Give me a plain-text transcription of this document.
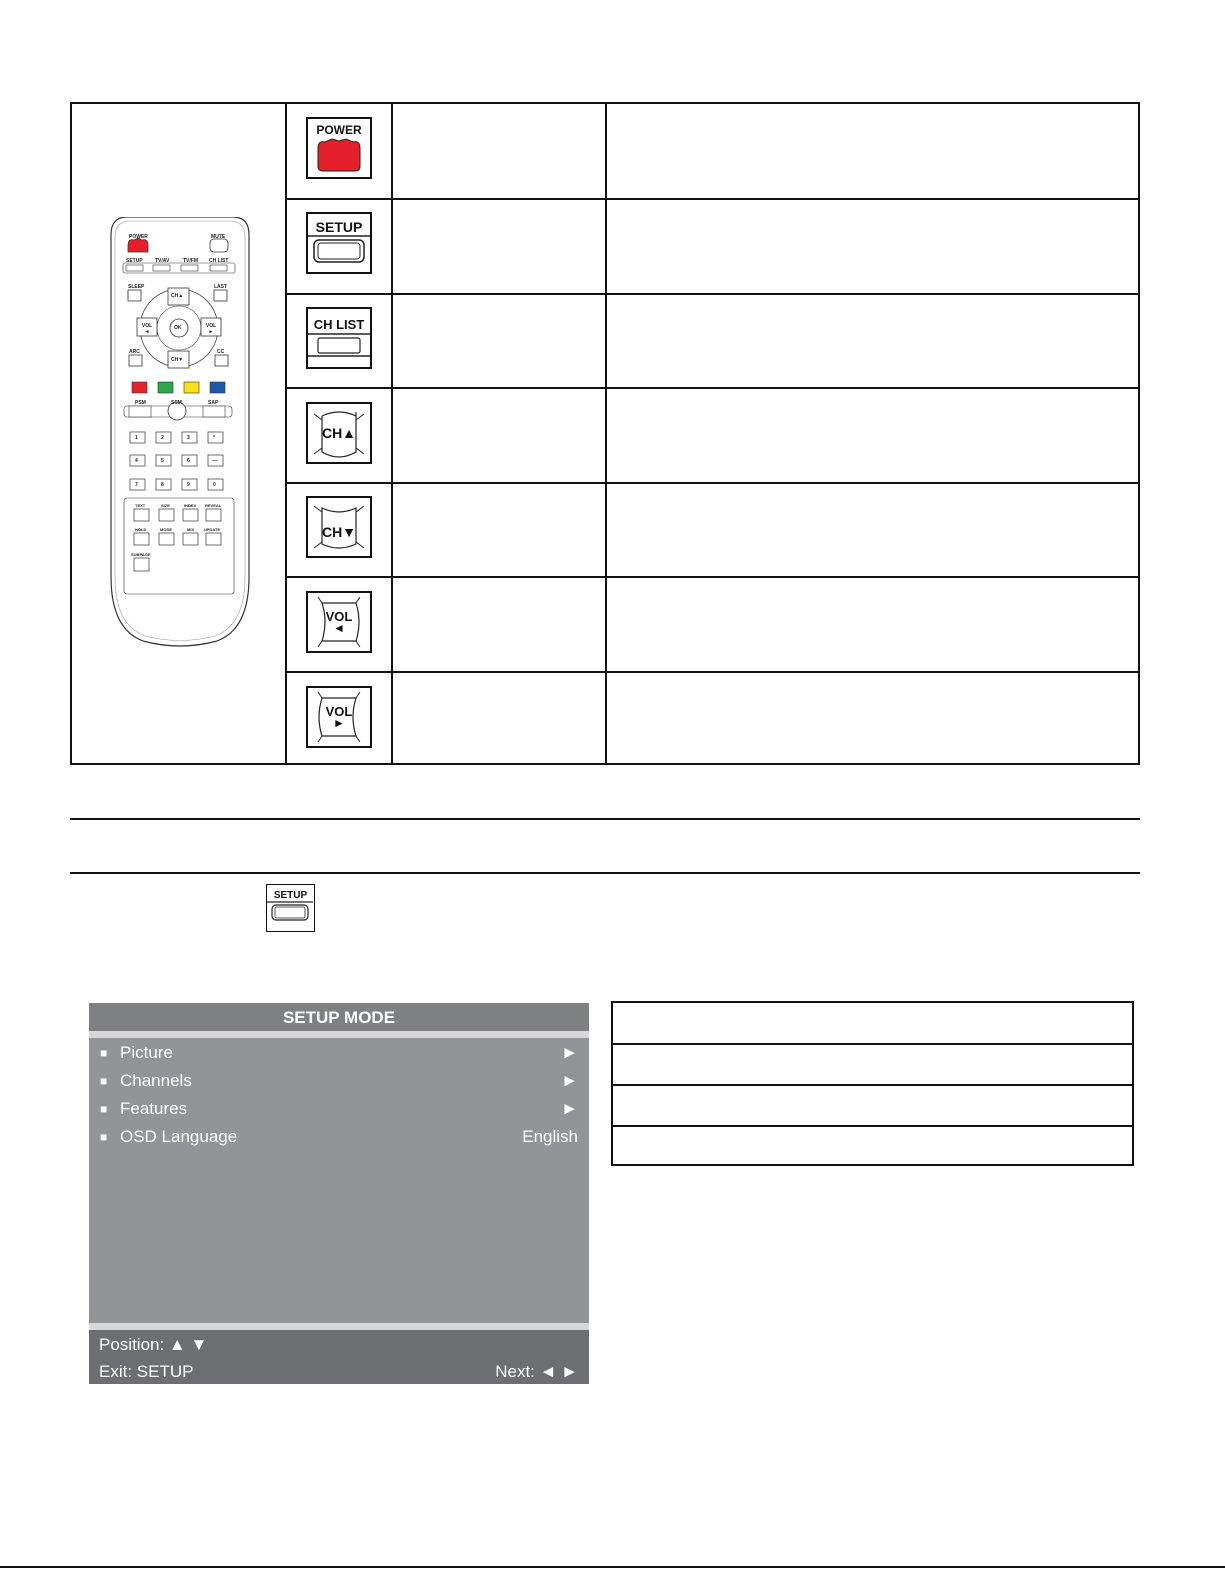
POWER	MUTE
SETUP TV/AV	TV/FM CH LIST
SLEEP	LAST
CH▲
CH▼
VOL ◄
VOL ►
OK
ARC	CC
PSM	SSM	SAP
1	2	3	*
4	5	6	—
7	8	9	0
TEXT	SIZE	INDEX REVEAL
HOLD	MODE	MIX UPDATE
SUBPAGE
POWER
SETUP
CH LIST
CH▲
CH▼
VOL
◄
VOL
►
SETUP
SETUP MODE
■ Picture	►
■ Channels	►
■ Features	►
■ OSD Language	English
Position: ▲ ▼
Exit: SETUP	Next: ◄ ►
